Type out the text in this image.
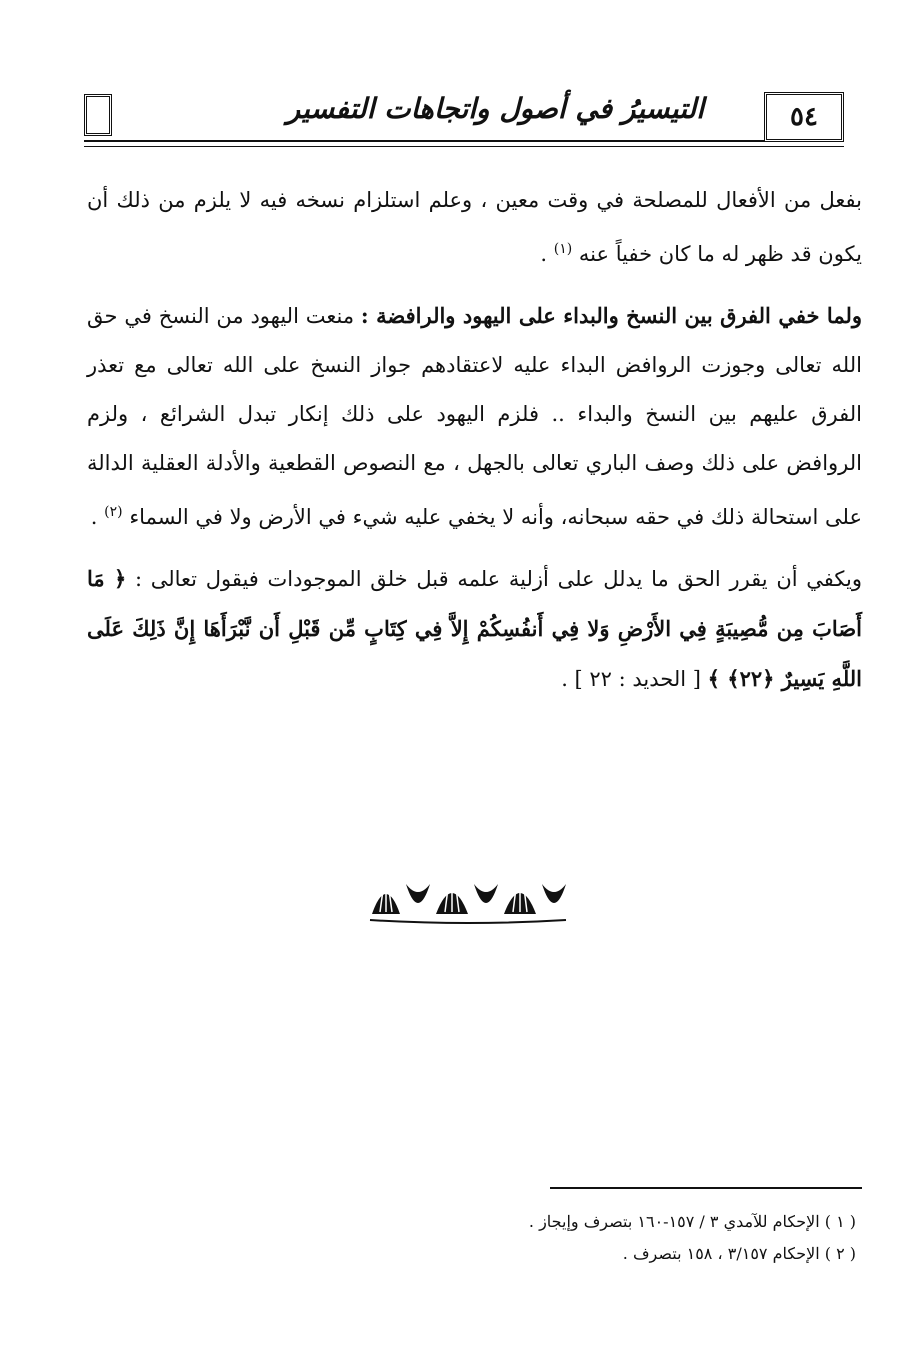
التيسيرُ في أصول واتجاهات التفسير	٥٤

بفعل من الأفعال للمصلحة في وقت معين ، وعلم استلزام نسخه فيه لا يلزم من ذلك أن يكون قد ظهر له ما كان خفياً عنه $^{(١)}$ .

ولما خفي الفرق بين النسخ والبداء على اليهود والرافضة : منعت اليهود من النسخ في حق الله تعالى وجوزت الروافض البداء عليه لاعتقادهم جواز النسخ على الله تعالى مع تعذر الفرق عليهم بين النسخ والبداء .. فلزم اليهود على ذلك إنكار تبدل الشرائع ، ولزم الروافض على ذلك وصف الباري تعالى بالجهل ، مع النصوص القطعية والأدلة العقلية الدالة على استحالة ذلك في حقه سبحانه، وأنه لا يخفي عليه شيء في الأرض ولا في السماء $^{(٢)}$ .

ويكفي أن يقرر الحق ما يدلل على أزلية علمه قبل خلق الموجودات فيقول تعالى : ﴿ مَا أَصَابَ مِن مُّصِيبَةٍ فِي الأَرْضِ وَلا فِي أَنفُسِكُمْ إِلاَّ فِي كِتَابٍ مِّن قَبْلِ أَن نَّبْرَأَهَا إِنَّ ذَلِكَ عَلَى اللَّهِ يَسِيرٌ ﴿٢٢﴾ ﴾ [ الحديد : ٢٢ ] .

( ١ ) الإحكام للآمدي ٣ / ١٥٧-١٦٠ بتصرف وإيجاز .
( ٢ ) الإحكام ٣/١٥٧ ، ١٥٨ بتصرف .
